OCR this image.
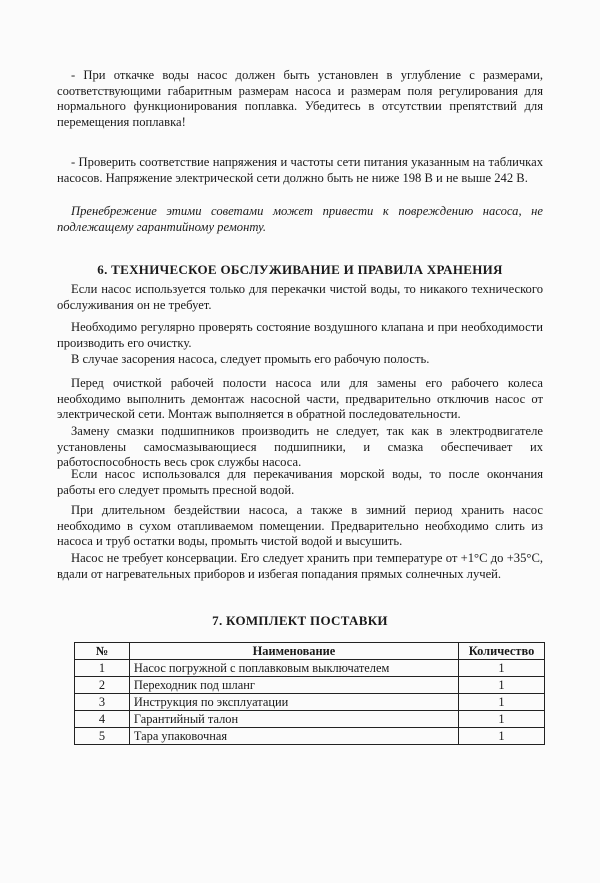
- При откачке воды насос должен быть установлен в углубление с размерами, соответствующими габаритным размерам насоса и размерам поля регулирования для нормального функционирования поплавка. Убедитесь в отсутствии препятствий для перемещения поплавка!

- Проверить соответствие напряжения и частоты сети питания указанным на табличках насосов. Напряжение электрической сети должно быть не ниже 198 В и не выше 242 В.

Пренебрежение этими советами может привести к повреждению насоса, не подлежащему гарантийному ремонту.

6. ТЕХНИЧЕСКОЕ ОБСЛУЖИВАНИЕ И ПРАВИЛА ХРАНЕНИЯ

Если насос используется только для перекачки чистой воды, то никакого технического обслуживания он не требует.

Необходимо регулярно проверять состояние воздушного клапана и при необходимости производить его очистку.

В случае засорения насоса, следует промыть его рабочую полость.

Перед очисткой рабочей полости насоса или для замены его рабочего колеса необходимо выполнить демонтаж насосной части, предварительно отключив насос от электрической сети. Монтаж выполняется в обратной последовательности.

Замену смазки подшипников производить не следует, так как в электродвигателе установлены самосмазывающиеся подшипники, и смазка обеспечивает их работоспособность весь срок службы насоса.

Если насос использовался для перекачивания морской воды, то после окончания работы его следует промыть пресной водой.

При длительном бездействии насоса, а также в зимний период хранить насос необходимо в сухом отапливаемом помещении. Предварительно необходимо слить из насоса и труб остатки воды, промыть чистой водой и высушить.

Насос не требует консервации. Его следует хранить при температуре от +1°С до +35°С, вдали от нагревательных приборов и избегая попадания прямых солнечных лучей.

7. КОМПЛЕКТ ПОСТАВКИ
№	Наименование	Количество
1	Насос погружной с поплавковым выключателем	1
2	Переходник под шланг	1
3	Инструкция по эксплуатации	1
4	Гарантийный талон	1
5	Тара упаковочная	1
